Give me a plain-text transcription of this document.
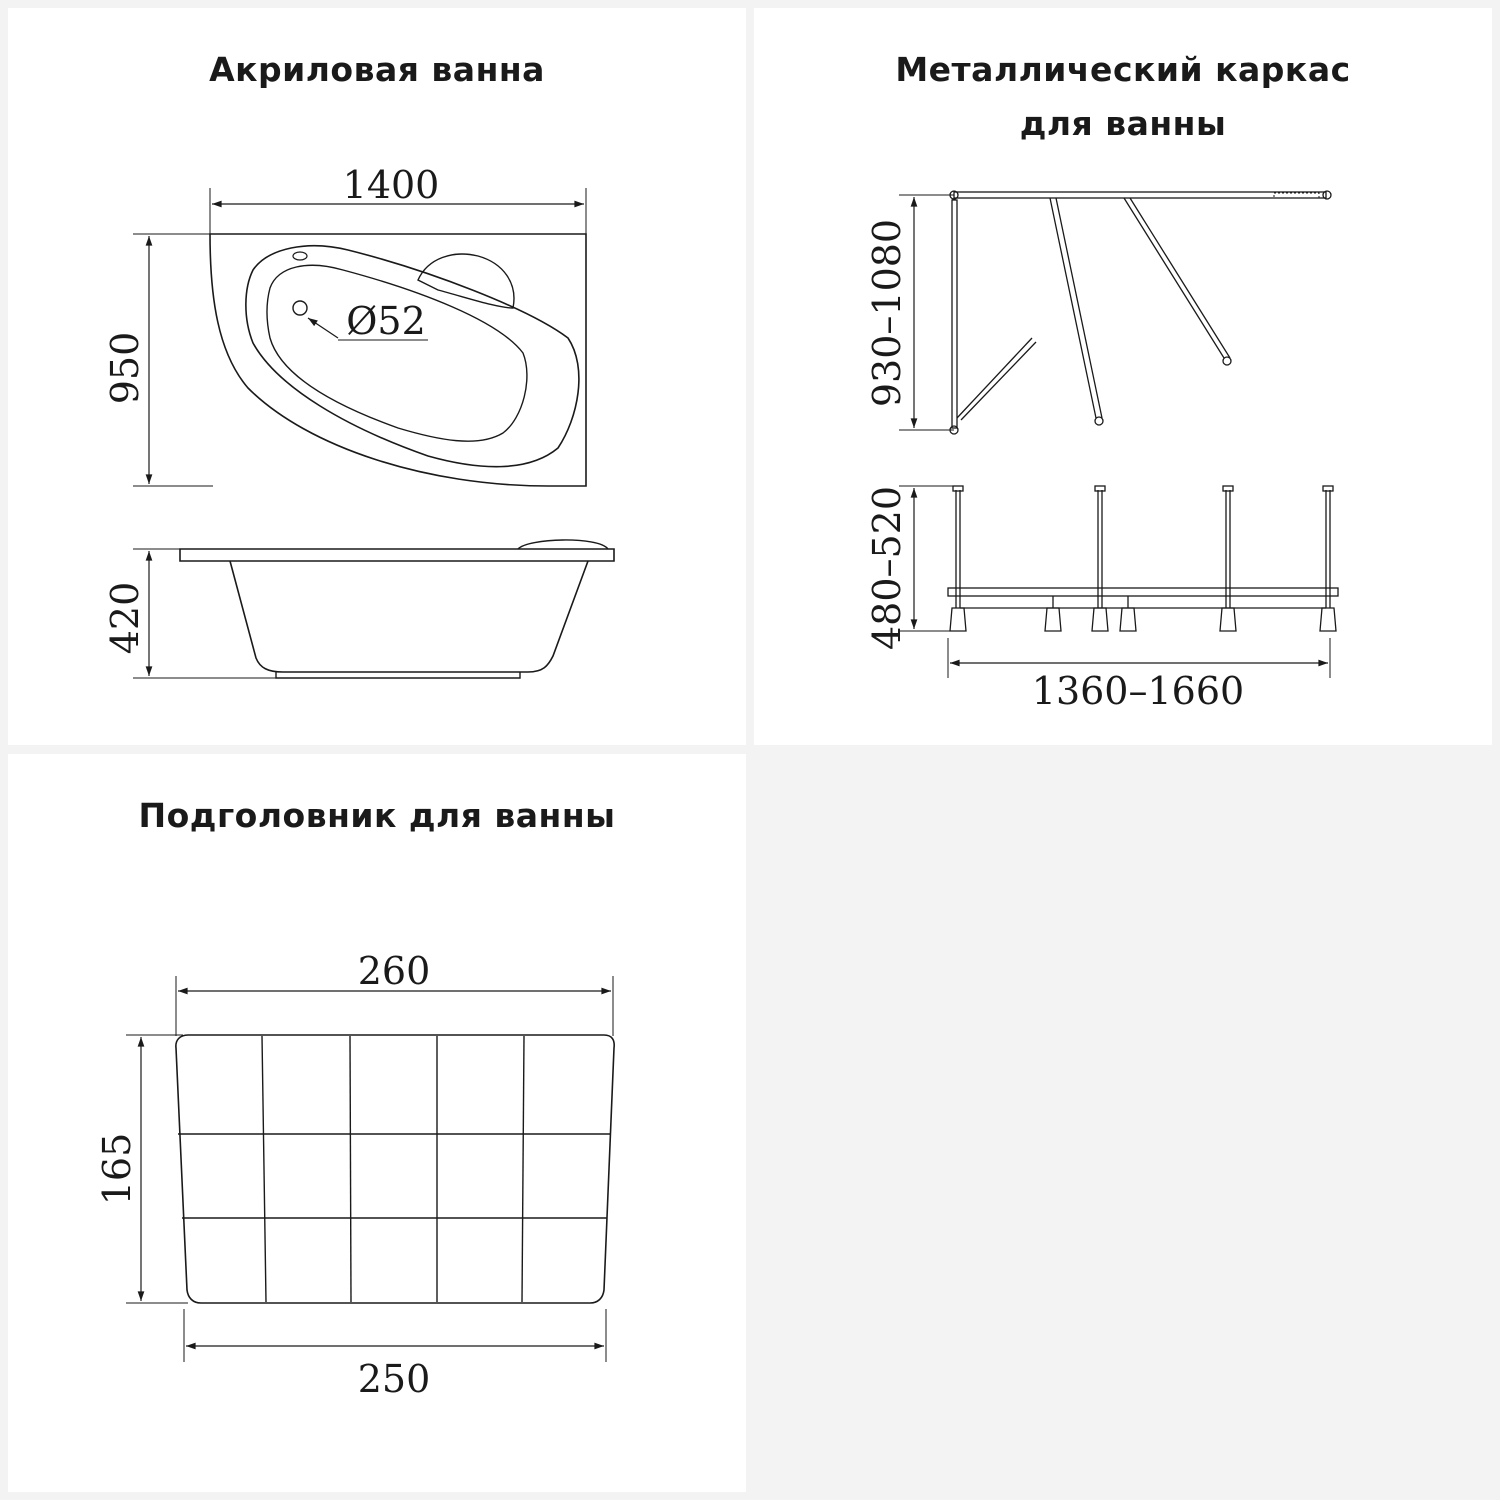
Акриловая ванна
1400
950
Ø52
420
Металлический каркас
для ванны
930–1080
480–520
1360–1660
Подголовник для ванны
260
165
250
